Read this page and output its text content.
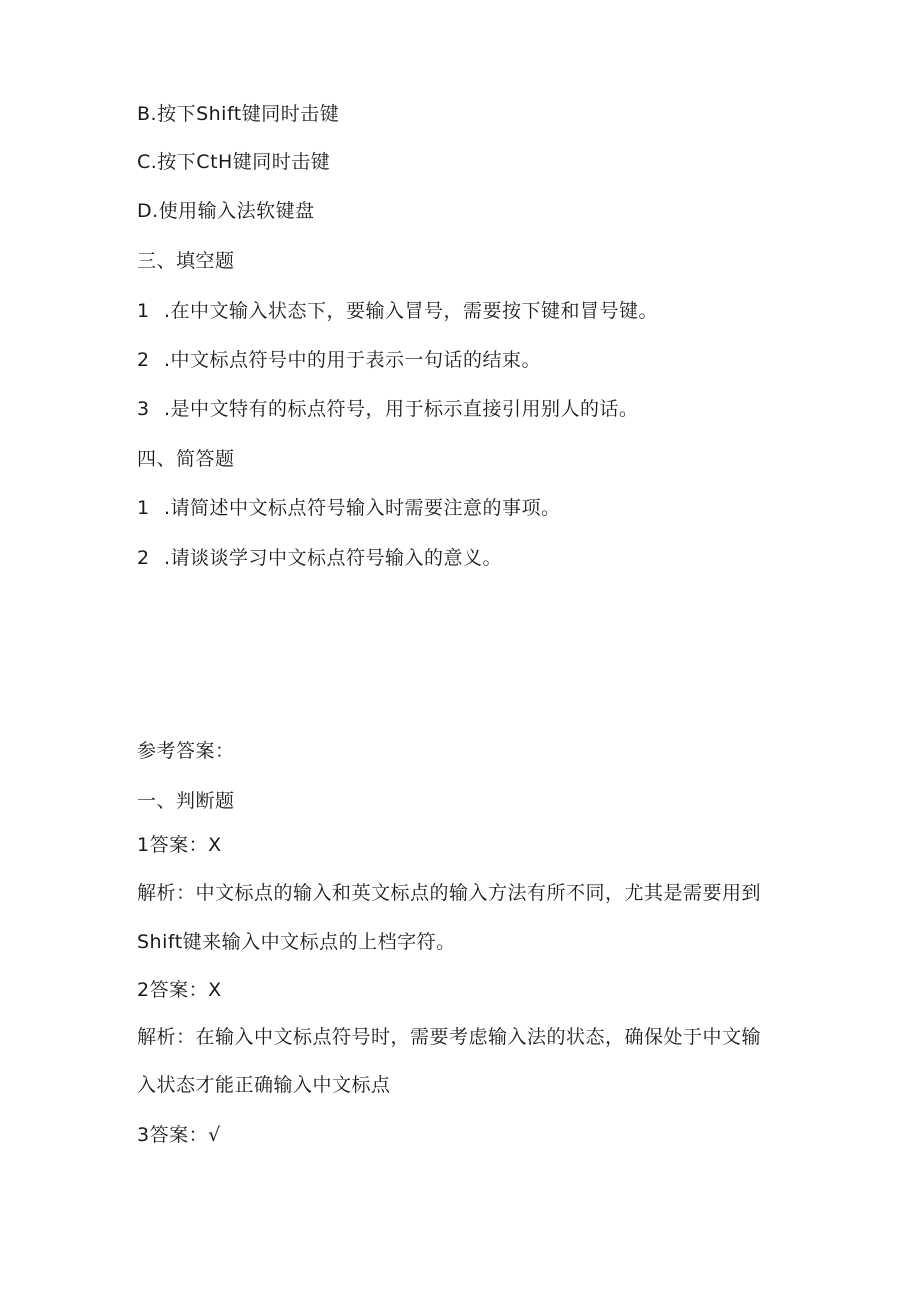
B.按下Shift键同时击键
C.按下CtH键同时击键
D.使用输入法软键盘
三、填空题
1 .在中文输入状态下，要输入冒号，需要按下键和冒号键。
2 .中文标点符号中的用于表示一句话的结束。
3 .是中文特有的标点符号，用于标示直接引用别人的话。
四、简答题
1 .请简述中文标点符号输入时需要注意的事项。
2 .请谈谈学习中文标点符号输入的意义。
参考答案：
一、判断题
1答案：X
解析：中文标点的输入和英文标点的输入方法有所不同，尤其是需要用到
Shift键来输入中文标点的上档字符。
2答案：X
解析：在输入中文标点符号时，需要考虑输入法的状态，确保处于中文输
入状态才能正确输入中文标点
3答案：√
